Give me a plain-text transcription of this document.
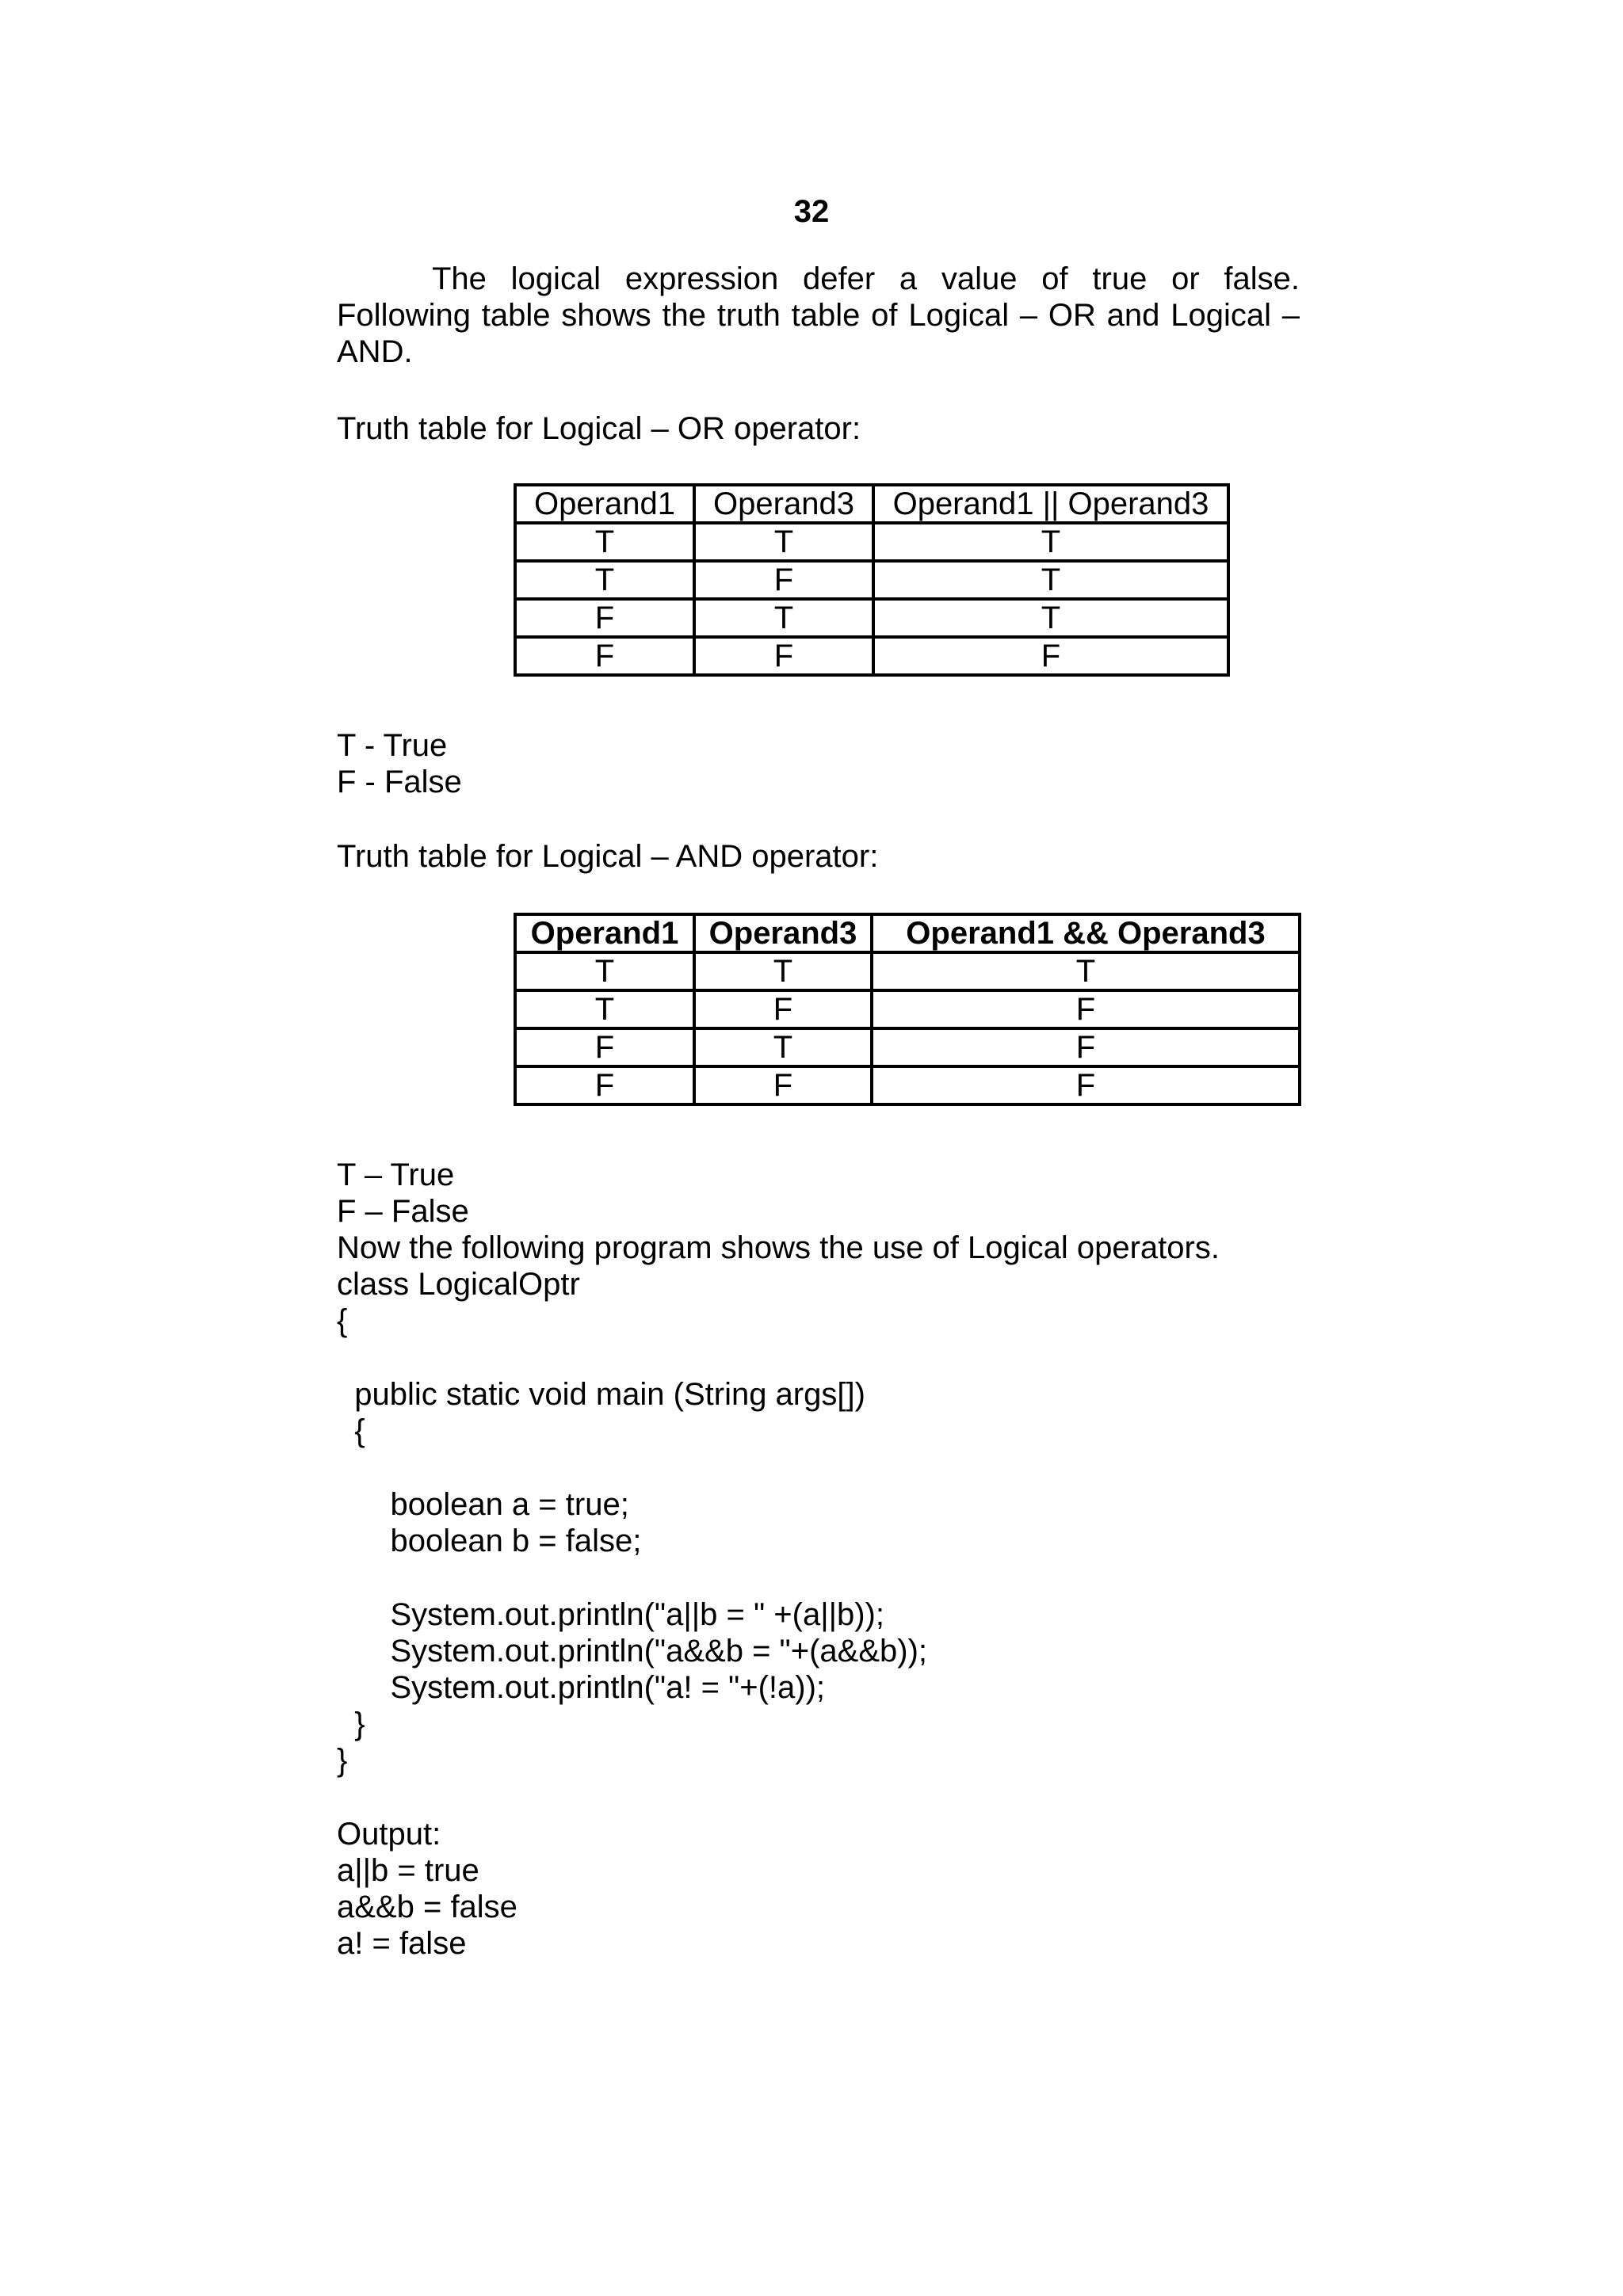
32

The logical expression defer a value of true or false. Following table shows the truth table of Logical – OR and Logical – AND.

Truth table for Logical – OR operator:
Operand1	Operand3	Operand1 || Operand3
T	T	T
T	F	T
F	T	T
F	F	F
T - True
F - False
Truth table for Logical – AND operator:
Operand1	Operand3	Operand1 && Operand3
T	T	T
T	F	F
F	T	F
F	F	F
T – True
F – False
Now the following program shows the use of Logical operators.
class LogicalOptr
{
public static void main (String args[])
{
boolean a = true;
boolean b = false;
System.out.println("a||b = " +(a||b));
System.out.println("a&&b = "+(a&&b));
System.out.println("a! = "+(!a));
}
}
Output:
a||b = true
a&&b = false
a! = false
